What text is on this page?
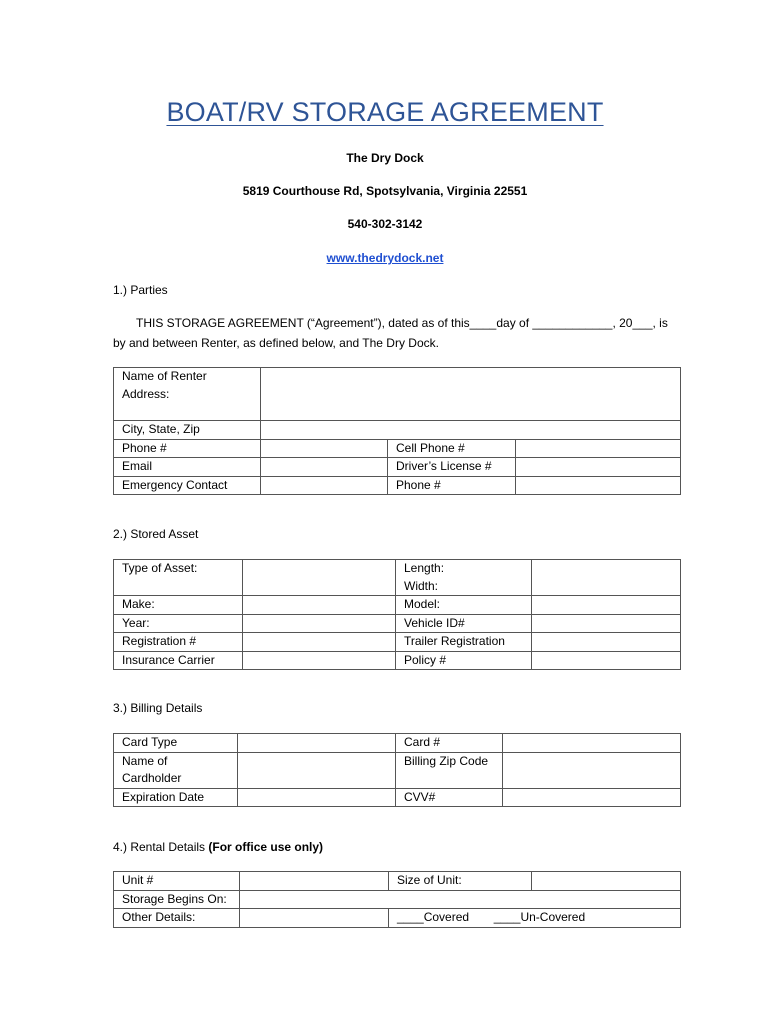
BOAT/RV STORAGE AGREEMENT
The Dry Dock
5819 Courthouse Rd, Spotsylvania, Virginia 22551
540-302-3142
www.thedrydock.net
1.) Parties
THIS STORAGE AGREEMENT (“Agreement”), dated as of this____day of ____________, 20___, is by and between Renter, as defined below, and The Dry Dock.
Name of Renter
Address:			

City, State, Zip			
Phone #		Cell Phone #	
Email		Driver’s License #	
Emergency Contact		Phone #	
2.) Stored Asset
Type of Asset:		Length:
Width:	

Make:		Model:	
Year:		Vehicle ID#	
Registration #		Trailer Registration	
Insurance Carrier		Policy #	
3.) Billing Details
Card Type		Card #	

Name of
Cardholder		Billing Zip Code	
Expiration Date		CVV#	
4.) Rental Details (For office use only)
Unit #		Size of Unit:	
Storage Begins On:			
Other Details:		____Covered ____Un-Covered	
